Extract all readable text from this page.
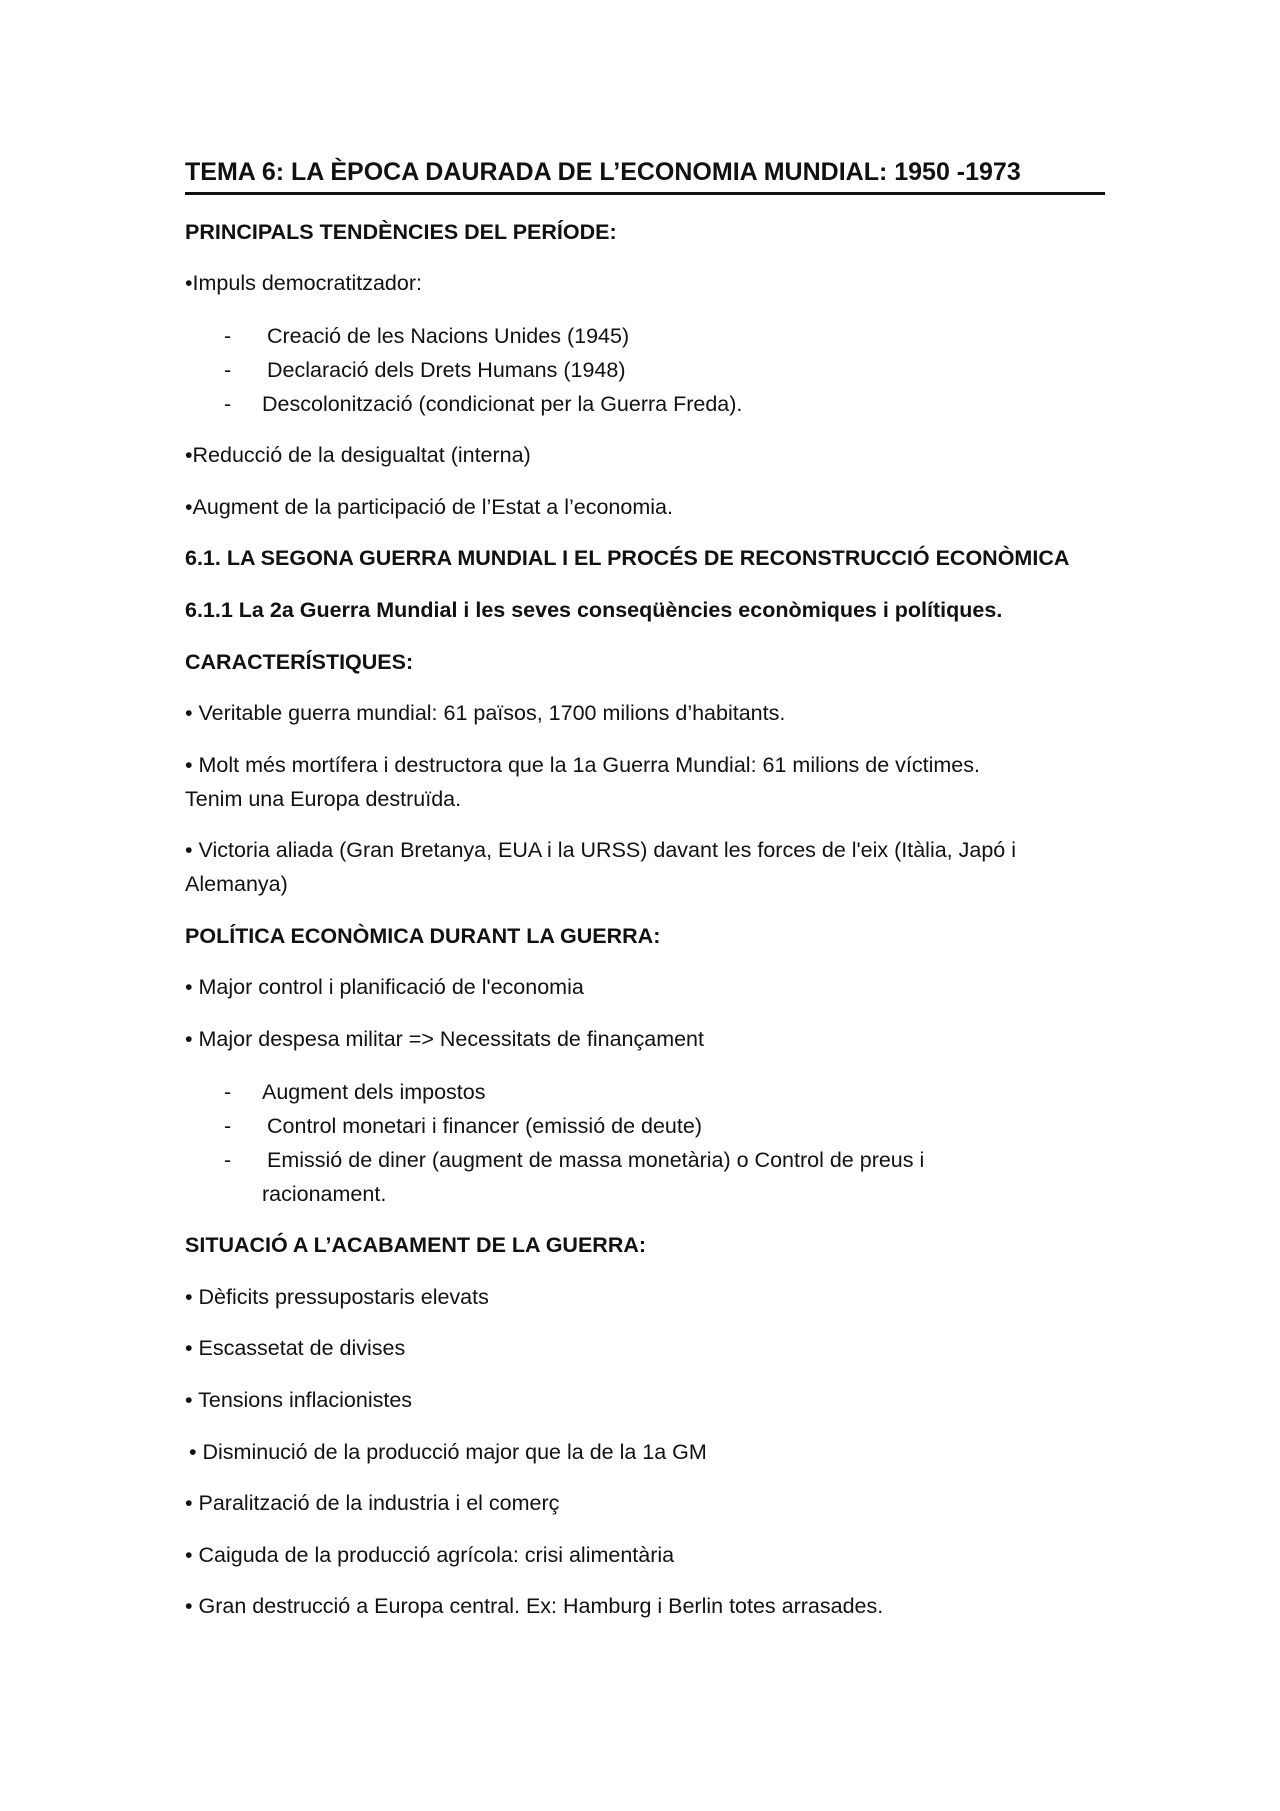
TEMA 6: LA ÈPOCA DAURADA DE L’ECONOMIA MUNDIAL: 1950 -1973
PRINCIPALS TENDÈNCIES DEL PERÍODE:
•Impuls democratitzador:
- Creació de les Nacions Unides (1945)
- Declaració dels Drets Humans (1948)
- Descolonització (condicionat per la Guerra Freda).
•Reducció de la desigualtat (interna)
•Augment de la participació de l’Estat a l’economia.
6.1. LA SEGONA GUERRA MUNDIAL I EL PROCÉS DE RECONSTRUCCIÓ ECONÒMICA
6.1.1 La 2a Guerra Mundial i les seves conseqüències econòmiques i polítiques.
CARACTERÍSTIQUES:
• Veritable guerra mundial: 61 països, 1700 milions d’habitants.
• Molt més mortífera i destructora que la 1a Guerra Mundial: 61 milions de víctimes.
Tenim una Europa destruïda.
• Victoria aliada (Gran Bretanya, EUA i la URSS) davant les forces de l'eix (Itàlia, Japó i
Alemanya)
POLÍTICA ECONÒMICA DURANT LA GUERRA:
• Major control i planificació de l'economia
• Major despesa militar => Necessitats de finançament
- Augment dels impostos
- Control monetari i financer (emissió de deute)
- Emissió de diner (augment de massa monetària) o Control de preus i
racionament.
SITUACIÓ A L’ACABAMENT DE LA GUERRA:
• Dèficits pressupostaris elevats
• Escassetat de divises
• Tensions inflacionistes
• Disminució de la producció major que la de la 1a GM
• Paralització de la industria i el comerç
• Caiguda de la producció agrícola: crisi alimentària
• Gran destrucció a Europa central. Ex: Hamburg i Berlin totes arrasades.
